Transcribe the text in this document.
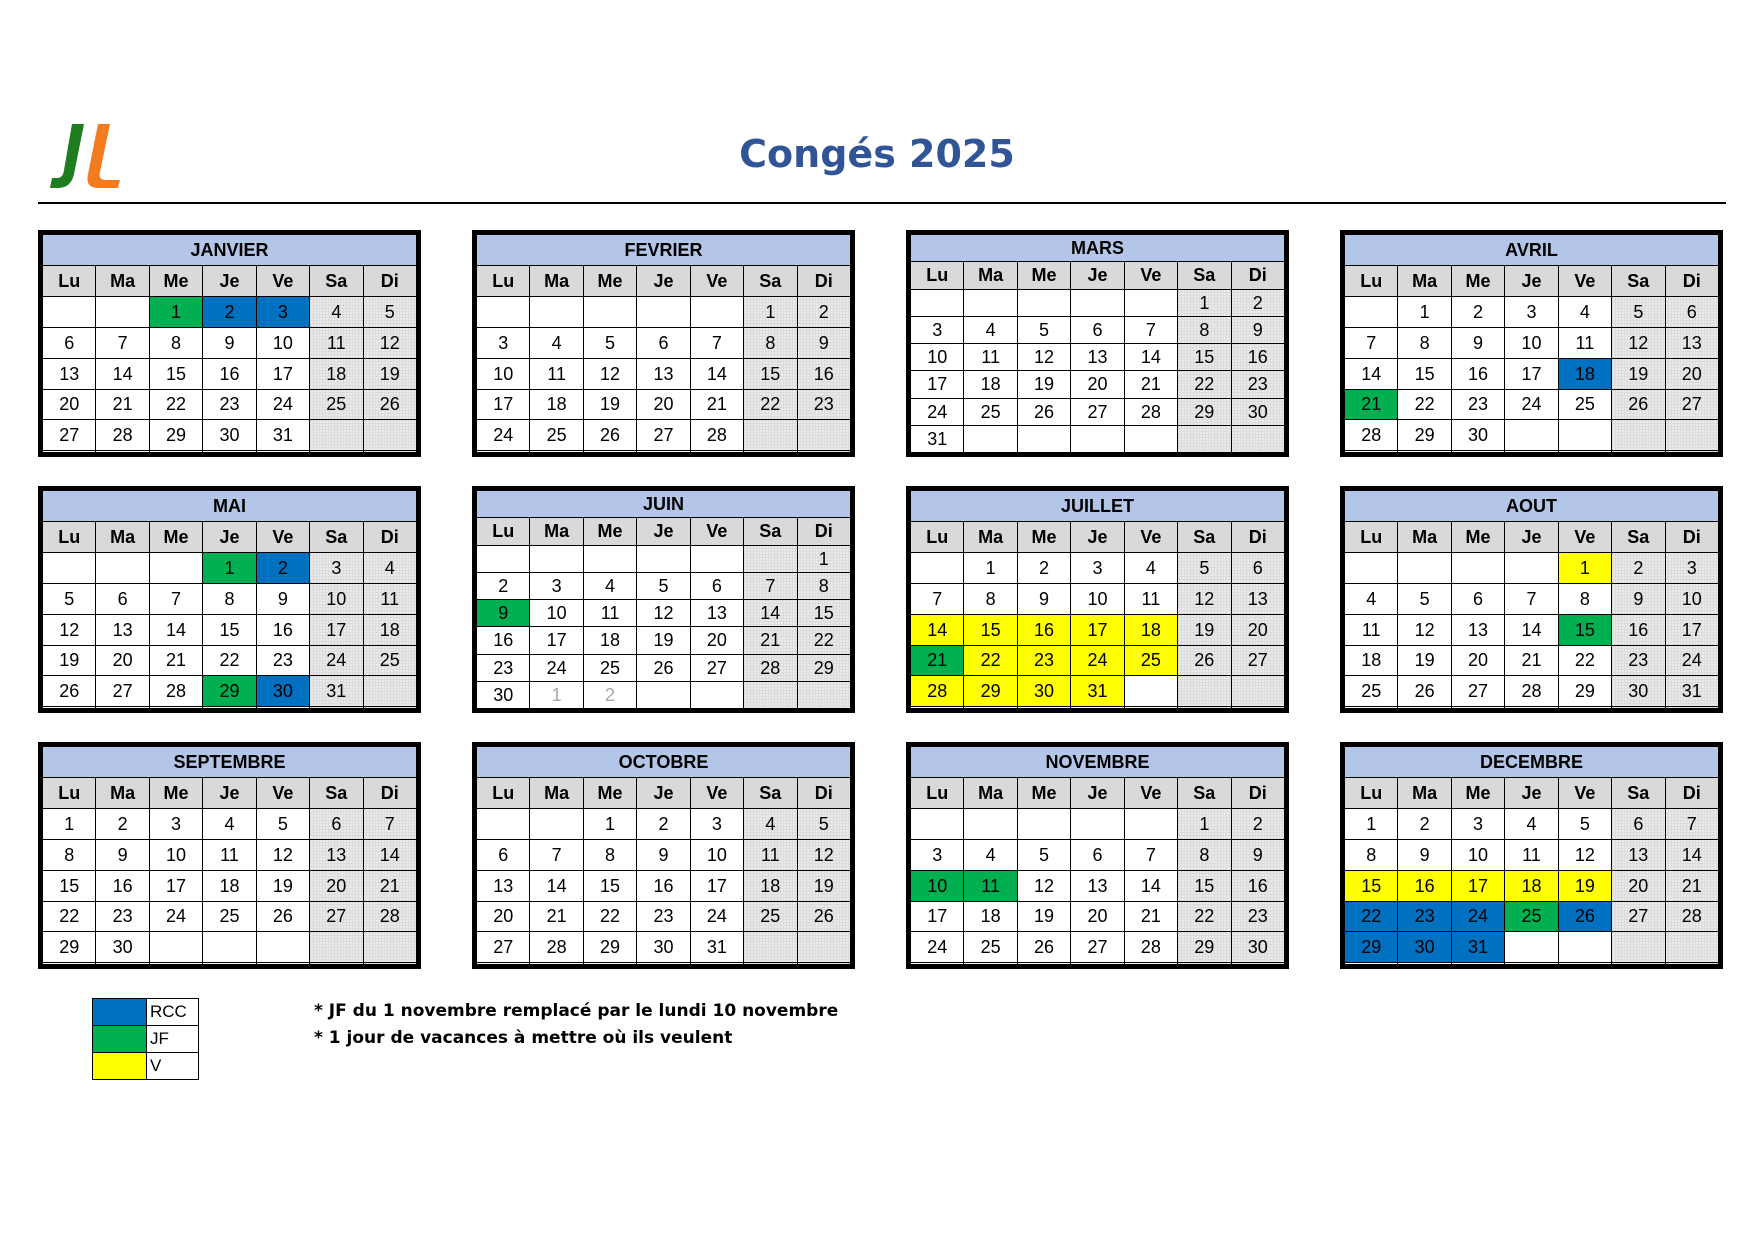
Congés 2025
JANVIER						
Lu	Ma	Me	Je	Ve	Sa	Di
		1	2	3	4	5
6	7	8	9	10	11	12
13	14	15	16	17	18	19
20	21	22	23	24	25	26
27	28	29	30	31		

FEVRIER						
Lu	Ma	Me	Je	Ve	Sa	Di
					1	2
3	4	5	6	7	8	9
10	11	12	13	14	15	16
17	18	19	20	21	22	23
24	25	26	27	28		

MARS						
Lu	Ma	Me	Je	Ve	Sa	Di
					1	2
3	4	5	6	7	8	9
10	11	12	13	14	15	16
17	18	19	20	21	22	23
24	25	26	27	28	29	30
31						
AVRIL						
Lu	Ma	Me	Je	Ve	Sa	Di
	1	2	3	4	5	6
7	8	9	10	11	12	13
14	15	16	17	18	19	20
21	22	23	24	25	26	27
28	29	30				

MAI						
Lu	Ma	Me	Je	Ve	Sa	Di
			1	2	3	4
5	6	7	8	9	10	11
12	13	14	15	16	17	18
19	20	21	22	23	24	25
26	27	28	29	30	31	

JUIN						
Lu	Ma	Me	Je	Ve	Sa	Di
						1
2	3	4	5	6	7	8
9	10	11	12	13	14	15
16	17	18	19	20	21	22
23	24	25	26	27	28	29
30	1	2				
JUILLET						
Lu	Ma	Me	Je	Ve	Sa	Di
	1	2	3	4	5	6
7	8	9	10	11	12	13
14	15	16	17	18	19	20
21	22	23	24	25	26	27
28	29	30	31			

AOUT						
Lu	Ma	Me	Je	Ve	Sa	Di
				1	2	3
4	5	6	7	8	9	10
11	12	13	14	15	16	17
18	19	20	21	22	23	24
25	26	27	28	29	30	31

SEPTEMBRE						
Lu	Ma	Me	Je	Ve	Sa	Di
1	2	3	4	5	6	7
8	9	10	11	12	13	14
15	16	17	18	19	20	21
22	23	24	25	26	27	28
29	30					

OCTOBRE						
Lu	Ma	Me	Je	Ve	Sa	Di
		1	2	3	4	5
6	7	8	9	10	11	12
13	14	15	16	17	18	19
20	21	22	23	24	25	26
27	28	29	30	31		

NOVEMBRE						
Lu	Ma	Me	Je	Ve	Sa	Di
					1	2
3	4	5	6	7	8	9
10	11	12	13	14	15	16
17	18	19	20	21	22	23
24	25	26	27	28	29	30

DECEMBRE						
Lu	Ma	Me	Je	Ve	Sa	Di
1	2	3	4	5	6	7
8	9	10	11	12	13	14
15	16	17	18	19	20	21
22	23	24	25	26	27	28
29	30	31				

	RCC
	JF
	V
* JF du 1 novembre remplacé par le lundi 10 novembre
* 1 jour de vacances à mettre où ils veulent
